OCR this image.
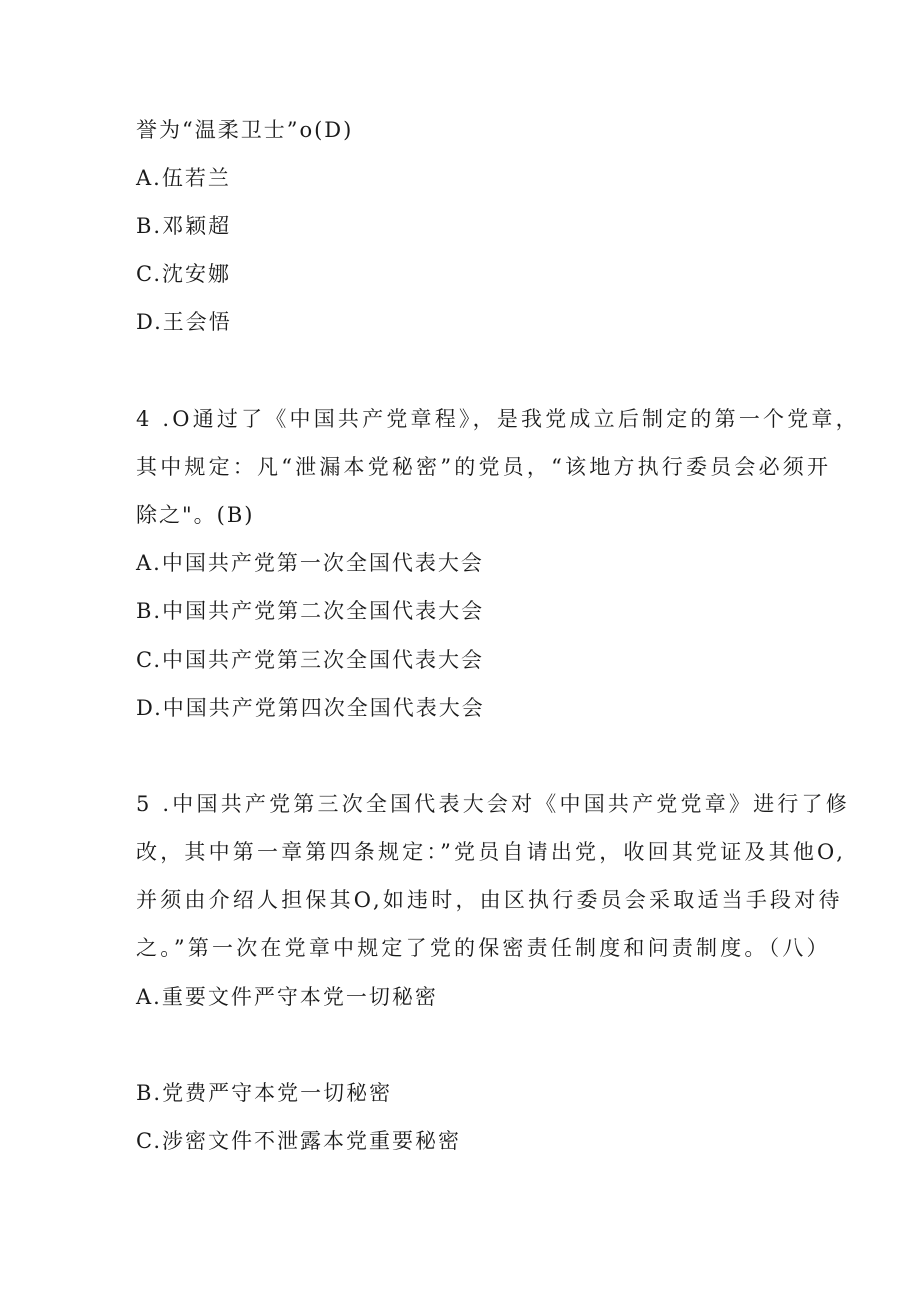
誉为“温柔卫士”o(D)
A.伍若兰
B.邓颖超
C.沈安娜
D.王会悟
4 .O通过了《中国共产党章程》，是我党成立后制定的第一个党章，
其中规定：凡“泄漏本党秘密”的党员，“该地方执行委员会必须开
除之"。(B)
A.中国共产党第一次全国代表大会
B.中国共产党第二次全国代表大会
C.中国共产党第三次全国代表大会
D.中国共产党第四次全国代表大会
5 .中国共产党第三次全国代表大会对《中国共产党党章》进行了修
改，其中第一章第四条规定：”党员自请出党，收回其党证及其他O,
并须由介绍人担保其O,如违时，由区执行委员会采取适当手段对待
之。”第一次在党章中规定了党的保密责任制度和问责制度。（八）
A.重要文件严守本党一切秘密
B.党费严守本党一切秘密
C.涉密文件不泄露本党重要秘密
